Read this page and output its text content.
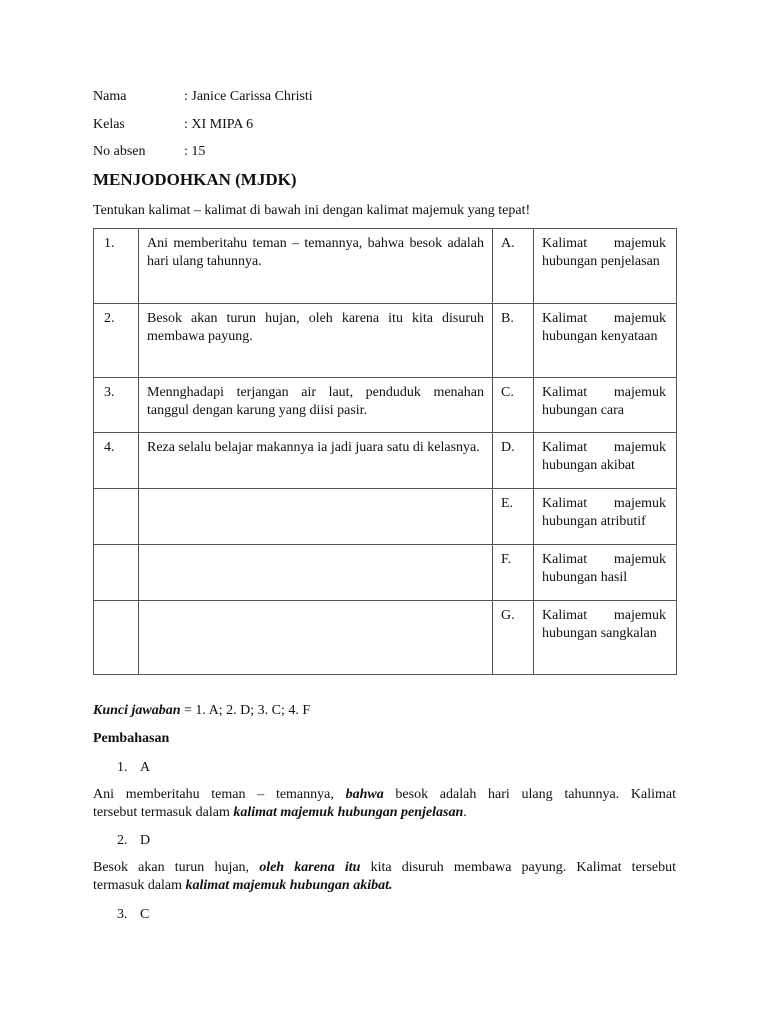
Nama	: Janice Carissa Christi
Kelas	: XI MIPA 6
No absen	: 15
MENJODOHKAN (MJDK)
Tentukan kalimat – kalimat di bawah ini dengan kalimat majemuk yang tepat!
1.	Ani memberitahu teman – temannya, bahwa besok adalah hari ulang tahunnya.	A.	Kalimat majemuk hubungan penjelasan
2.	Besok akan turun hujan, oleh karena itu kita disuruh membawa payung.	B.	Kalimat majemuk hubungan kenyataan
3.	Mennghadapi terjangan air laut, penduduk menahan tanggul dengan karung yang diisi pasir.	C.	Kalimat majemuk hubungan cara
4.	Reza selalu belajar makannya ia jadi juara satu di kelasnya.	D.	Kalimat majemuk hubungan akibat
		E.	Kalimat majemuk hubungan atributif
		F.	Kalimat majemuk hubungan hasil
		G.	Kalimat majemuk hubungan sangkalan
Kunci jawaban = 1. A; 2. D; 3. C; 4. F
Pembahasan
1. A
Ani memberitahu teman – temannya, bahwa besok adalah hari ulang tahunnya. Kalimat
tersebut termasuk dalam kalimat majemuk hubungan penjelasan.
2. D
Besok akan turun hujan, oleh karena itu kita disuruh membawa payung. Kalimat tersebut
termasuk dalam kalimat majemuk hubungan akibat.
3. C
